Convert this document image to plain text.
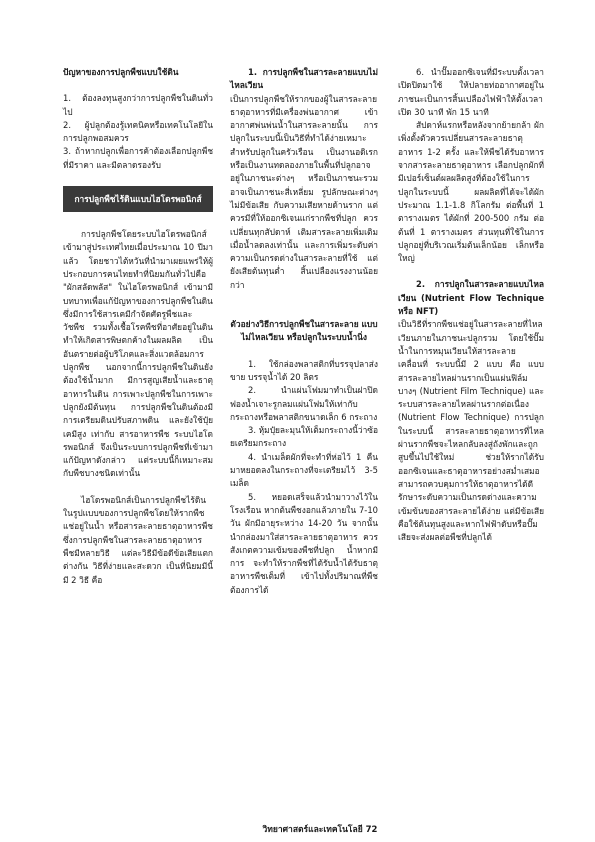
ปัญหาของการปลูกพืชแบบใช้ดิน

1. ต้องลงทุนสูงกว่าการปลูกพืชในดินทั่ว ไป

2. ผู้ปลูกต้องรู้เทคนิคหรือเทคโนโลยีในการปลูกพอสมควร

3. ถ้าหากปลูกเพื่อการค้าต้องเลือกปลูกพืชที่มีราคา และมีตลาดรองรับ

การปลูกพืชไร้ดินแบบไฮโดรพอนิกส์

การปลูกพืชโดยระบบไฮโดรพอนิกส์ เข้ามาสู่ประเทศไทยเมื่อประมาณ 10 ปีมาแล้ว โดยชาวไต้หวันที่นำมาเผยแพร่ให้ผู้ประกอบการคนไทยทำที่นิยมกันทั่วไปคือ "ผักสลัดพลัส" ในไฮโดรพอนิกส์ เข้ามามีบทบาทเพื่อแก้ปัญหาของการปลูกพืชในดิน ซึ่งมีการใช้สารเคมีกำจัดศัตรูพืชและวัชพืช รวมทั้งเชื้อโรคพืชที่อาศัยอยู่ในดิน ทำให้เกิดสารพิษตกค้างในผลผลิต เป็นอันตรายต่อผู้บริโภคและสิ่งแวดล้อมการปลูกพืช นอกจากนี้การปลูกพืชในดินยังต้องใช้น้ำมาก มีการสูญเสียน้ำและธาตุอาหารในดิน การเพาะปลูกพืชในการเพาะปลูกยังมีต้นทุน การปลูกพืชในดินต้องมีการเตรียมดินปรับสภาพดิน และยังใช้ปุ๋ยเคมีสูง เท่ากับ สารอาหารพืช ระบบไฮโดรพอนิกส์ จึงเป็นระบบการปลูกพืชที่เข้ามาแก้ปัญหาดังกล่าว แต่ระบบนี้ก็เหมาะสมกับพืชบางชนิดเท่านั้น

ไฮโดรพอนิกส์เป็นการปลูกพืชไร้ดินในรูปแบบของการปลูกพืชโดยให้รากพืชแช่อยู่ในน้ำ หรือสารละลายธาตุอาหารพืช ซึ่งการปลูกพืชในสารละลายธาตุอาหารพืชมีหลายวิธี แต่ละวิธีมีข้อดีข้อเสียแตกต่างกัน วิธีที่ง่ายและสะดวก เป็นที่นิยมมีนี้มี 2 วิธี คือ

1. การปลูกพืชในสารละลายแบบไม่ไหลเวียน

เป็นการปลูกพืชให้รากของผู้ในสารละลายธาตุอาหารที่มีเครื่องพ่นอากาศ เข้าอากาศพ่นพ่นน้ำในสารละลายนั้น การปลูกในระบบนี้เป็นวิธีที่ทำได้ง่ายเหมาะสำหรับปลูกในครัวเรือน เป็นงานอดิเรก หรือเป็นงานทดลองภายในพื้นที่ปลูกอาจอยู่ในภาชนะต่างๆ หรือเป็นภาชนะรวม อาจเป็นภาชนะสี่เหลี่ยม รูปลักษณะต่างๆ ไม่มีข้อเสีย กับความเสียหายด้านราก แต่ควรมีที่ให้ออกซิเจนแก่รากพืชที่ปลูก ควรเปลี่ยนทุกสัปดาห์ เติมสารละลายเพิ่มเติมเมื่อน้ำลดลงเท่านั้น และการเพิ่มระดับค่าความเป็นกรดด่างในสารละลายที่ใช้ แต่ยังเสียต้นทุนต่ำ สิ้นเปลืองแรงงานน้อยกว่า

ตัวอย่างวิธีการปลูกพืชในสารละลาย แบบไม่ไหลเวียน หรือปลูกในระบบน้ำนิ่ง

1. ใช้กล่องพลาสติกที่บรรจุปลาส่งขาย บรรจุน้ำได้ 20 ลิตร

2. นำแผ่นโฟมมาทำเป็นฝาปิดฟองน้ำเจาะรูกลมแผ่นโฟมให้เท่ากับกระถางหรือพลาสติกขนาดเล็ก 6 กระถาง

3. หุ้มปุ๋ยละมุนให้เต็มกระถางนี้ว่าซ้อยเตรียมกระถาง

4. นำเมล็ดผักที่จะทำที่ห่อไว้ 1 คืน มาหยอดลงในกระถางที่จะเตรียมไว้ 3-5 เมล็ด

5. หยอดเสร็จแล้วนำมาวางไว้ในโรงเรือน หากต้นพืชงอกแล้วภายใน 7-10 วัน ผักมีอายุระหว่าง 14-20 วัน จากนั้นนำกล่องมาใส่สารละลายธาตุอาหาร ควรสังเกตความเข้มของพืชที่ปลูก น้ำหากมีการ จะทำให้รากพืชที่ได้รับน้ำได้รับธาตุอาหารพืชเต็มที่ เข้าไปทั้งปริมาณที่พืชต้องการได้

6. นำปั๊มออกซิเจนที่มีระบบตั้งเวลาเปิดปิดมาใช้ ให้ปลายท่ออากาศอยู่ในภาชนะเป็นการสิ้นเปลืองไฟฟ้าให้ตั้งเวลาเปิด 30 นาที พัก 15 นาที

สัปดาห์แรกหรือหลังจากย้ายกล้า ผักเพิ่งตั้งตัวควรเปลี่ยนสารละลายธาตุอาหาร 1-2 ครั้ง และให้พืชได้รับอาหารจากสารละลายธาตุอาหาร เลือกปลูกผักที่มีเปอร์เซ็นต์ผลผลิตสูงที่ต้องใช้ในการปลูกในระบบนี้ ผลผลิตที่ได้จะได้ผักประมาณ 1.1-1.8 กิโลกรัม ต่อพื้นที่ 1 ตารางเมตร ได้ผักที่ 200-500 กรัม ต่อต้นที่ 1 ตารางเมตร ส่วนทุนที่ใช้ในการปลูกอยู่ที่บริเวณเริ่มต้นเล็กน้อย เล็กหรือใหญ่

2. การปลูกในสารละลายแบบไหลเวียน (Nutrient Flow Technique หรือ NFT)

เป็นวิธีที่รากพืชแช่อยู่ในสารละลายที่ไหลเวียนภายในภาชนะปลูกรวม โดยใช้ปั๊มน้ำในการหมุนเวียนให้สารละลายเคลื่อนที่ ระบบนี้มี 2 แบบ คือ แบบสารละลายไหลผ่านรากเป็นแผ่นฟิล์มบางๆ (Nutrient Film Technique) และระบบสารละลายไหลผ่านรากต่อเนื่อง (Nutrient Flow Technique) การปลูกในระบบนี้ สารละลายธาตุอาหารที่ไหลผ่านรากพืชจะไหลกลับลงสู่ถังพักและถูกสูบขึ้นไปใช้ใหม่ ช่วยให้รากได้รับออกซิเจนและธาตุอาหารอย่างสม่ำเสมอ สามารถควบคุมการให้ธาตุอาหารได้ดี รักษาระดับความเป็นกรดด่างและความเข้มข้นของสารละลายได้ง่าย แต่มีข้อเสียคือใช้ต้นทุนสูงและหากไฟฟ้าดับหรือปั๊มเสียจะส่งผลต่อพืชที่ปลูกได้

วิทยาศาสตร์และเทคโนโลยี 72
